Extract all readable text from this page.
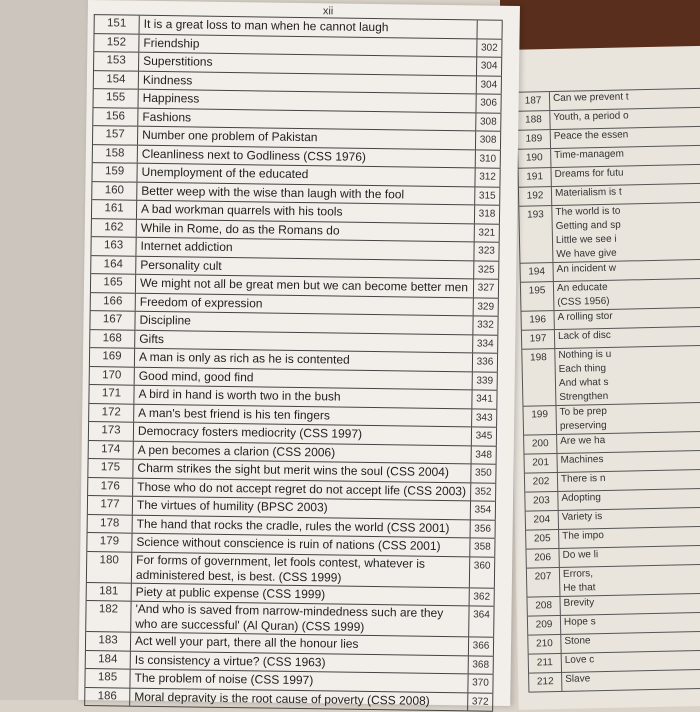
187	Can we prevent t
188	Youth, a period o
189	Peace the essen
190	Time-managem
191	Dreams for futu
192	Materialism is t
193	The world is to
Getting and sp
Little we see i
We have give
194	An incident w
195	An educate
(CSS 1956)
196	A rolling stor
197	Lack of disc
198	Nothing is u
Each thing
And what s
Strengthen
199	To be prep
preserving
200	Are we ha
201	Machines
202	There is n
203	Adopting
204	Variety is
205	The impo
206	Do we li
207	Errors,
He that
208	Brevity
209	Hope s
210	Stone
211	Love c
212	Slave
xii
151	It is a great loss to man when he cannot laugh
152	Friendship	302
153	Superstitions	304
154	Kindness	304
155	Happiness	306
156	Fashions	308
157	Number one problem of Pakistan	308
158	Cleanliness next to Godliness (CSS 1976)	310
159	Unemployment of the educated	312
160	Better weep with the wise than laugh with the fool	315
161	A bad workman quarrels with his tools	318
162	While in Rome, do as the Romans do	321
163	Internet addiction	323
164	Personality cult	325
165	We might not all be great men but we can become better men 327
166	Freedom of expression	329
167	Discipline	332
168	Gifts	334
169	A man is only as rich as he is contented	336
170	Good mind, good find	339
171	A bird in hand is worth two in the bush	341
172	A man's best friend is his ten fingers	343
173	Democracy fosters mediocrity (CSS 1997)	345
174	A pen becomes a clarion (CSS 2006)	348
175	Charm strikes the sight but merit wins the soul (CSS 2004)	350
176	Those who do not accept regret do not accept life (CSS 2003) 352
177	The virtues of humility (BPSC 2003)	354
178	The hand that rocks the cradle, rules the world (CSS 2001)	356
179	Science without conscience is ruin of nations (CSS 2001)	358
180	For forms of government, let fools contest, whatever is administered best, is best. (CSS 1999)
360
181	Piety at public expense (CSS 1999)	362
182	'And who is saved from narrow-mindedness such are they who are successful' (Al Quran) (CSS 1999)
364
183	Act well your part, there all the honour lies	366
184	Is consistency a virtue? (CSS 1963)	368
185	The problem of noise (CSS 1997)	370
186	Moral depravity is the root cause of poverty (CSS 2008)	372
